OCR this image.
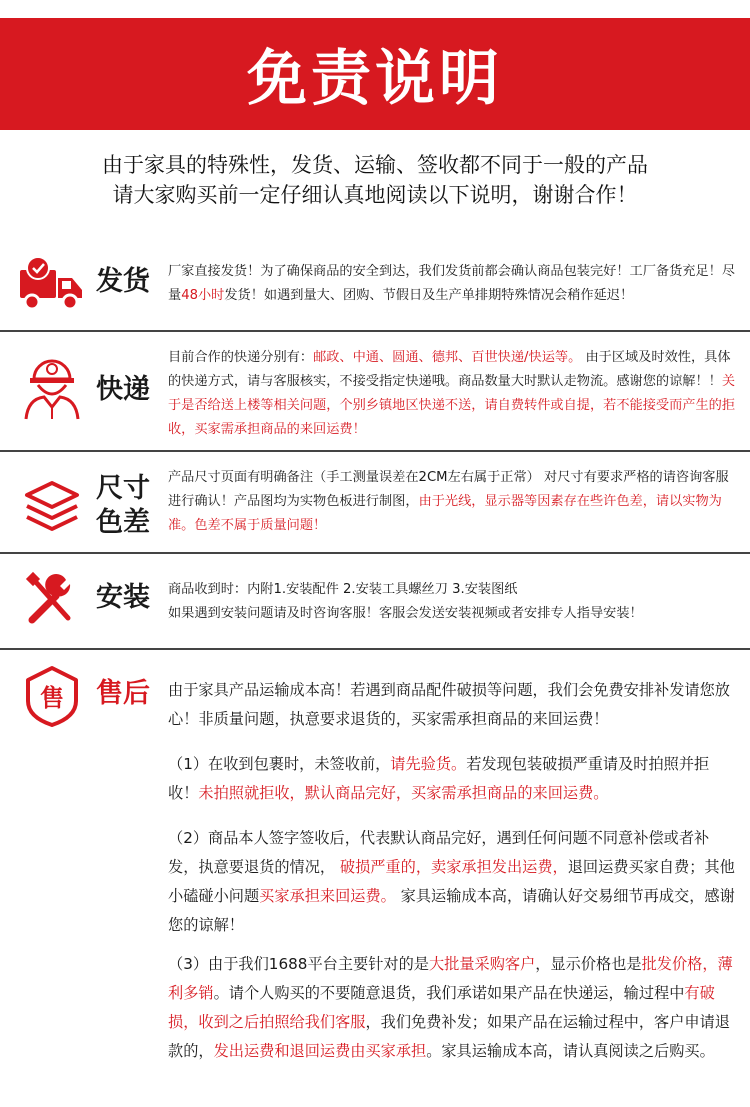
免责说明
由于家具的特殊性，发货、运输、签收都不同于一般的产品
请大家购买前一定仔细认真地阅读以下说明，谢谢合作！
发货 厂家直接发货！为了确保商品的安全到达，我们发货前都会确认商品包装完好！工厂备货充足！尽量48小时发货！如遇到量大、团购、节假日及生产单排期特殊情况会稍作延迟！
快递
目前合作的快递分别有：邮政、中通、圆通、德邦、百世快递/快运等。 由于区域及时效性，具体的快递方式，请与客服核实，不接受指定快递哦。商品数量大时默认走物流。感谢您的谅解！！关于是否给送上楼等相关问题，个别乡镇地区快递不送，请自费转件或自提，若不能接受而产生的拒收，买家需承担商品的来回运费！
尺寸
色差
产品尺寸页面有明确备注（手工测量误差在2CM左右属于正常） 对尺寸有要求严格的请咨询客服进行确认！产品图均为实物色板进行制图，由于光线，显示器等因素存在些许色差，请以实物为准。色差不属于质量问题！
安装 商品收到时：内附1.安装配件 2.安装工具螺丝刀 3.安装图纸
如果遇到安装问题请及时咨询客服！客服会发送安装视频或者安排专人指导安装！
售	售后 由于家具产品运输成本高！若遇到商品配件破损等问题，我们会免费安排补发请您放心！非质量问题，执意要求退货的，买家需承担商品的来回运费！
（1）在收到包裹时，未签收前，请先验货。若发现包装破损严重请及时拍照并拒收！未拍照就拒收，默认商品完好，买家需承担商品的来回运费。
（2）商品本人签字签收后，代表默认商品完好，遇到任何问题不同意补偿或者补发，执意要退货的情况， 破损严重的，卖家承担发出运费，退回运费买家自费；其他小磕碰小问题买家承担来回运费。 家具运输成本高，请确认好交易细节再成交，感谢您的谅解！
（3）由于我们1688平台主要针对的是大批量采购客户，显示价格也是批发价格，薄利多销。请个人购买的不要随意退货，我们承诺如果产品在快递运，输过程中有破损，收到之后拍照给我们客服，我们免费补发；如果产品在运输过程中，客户申请退款的，发出运费和退回运费由买家承担。家具运输成本高，请认真阅读之后购买。
